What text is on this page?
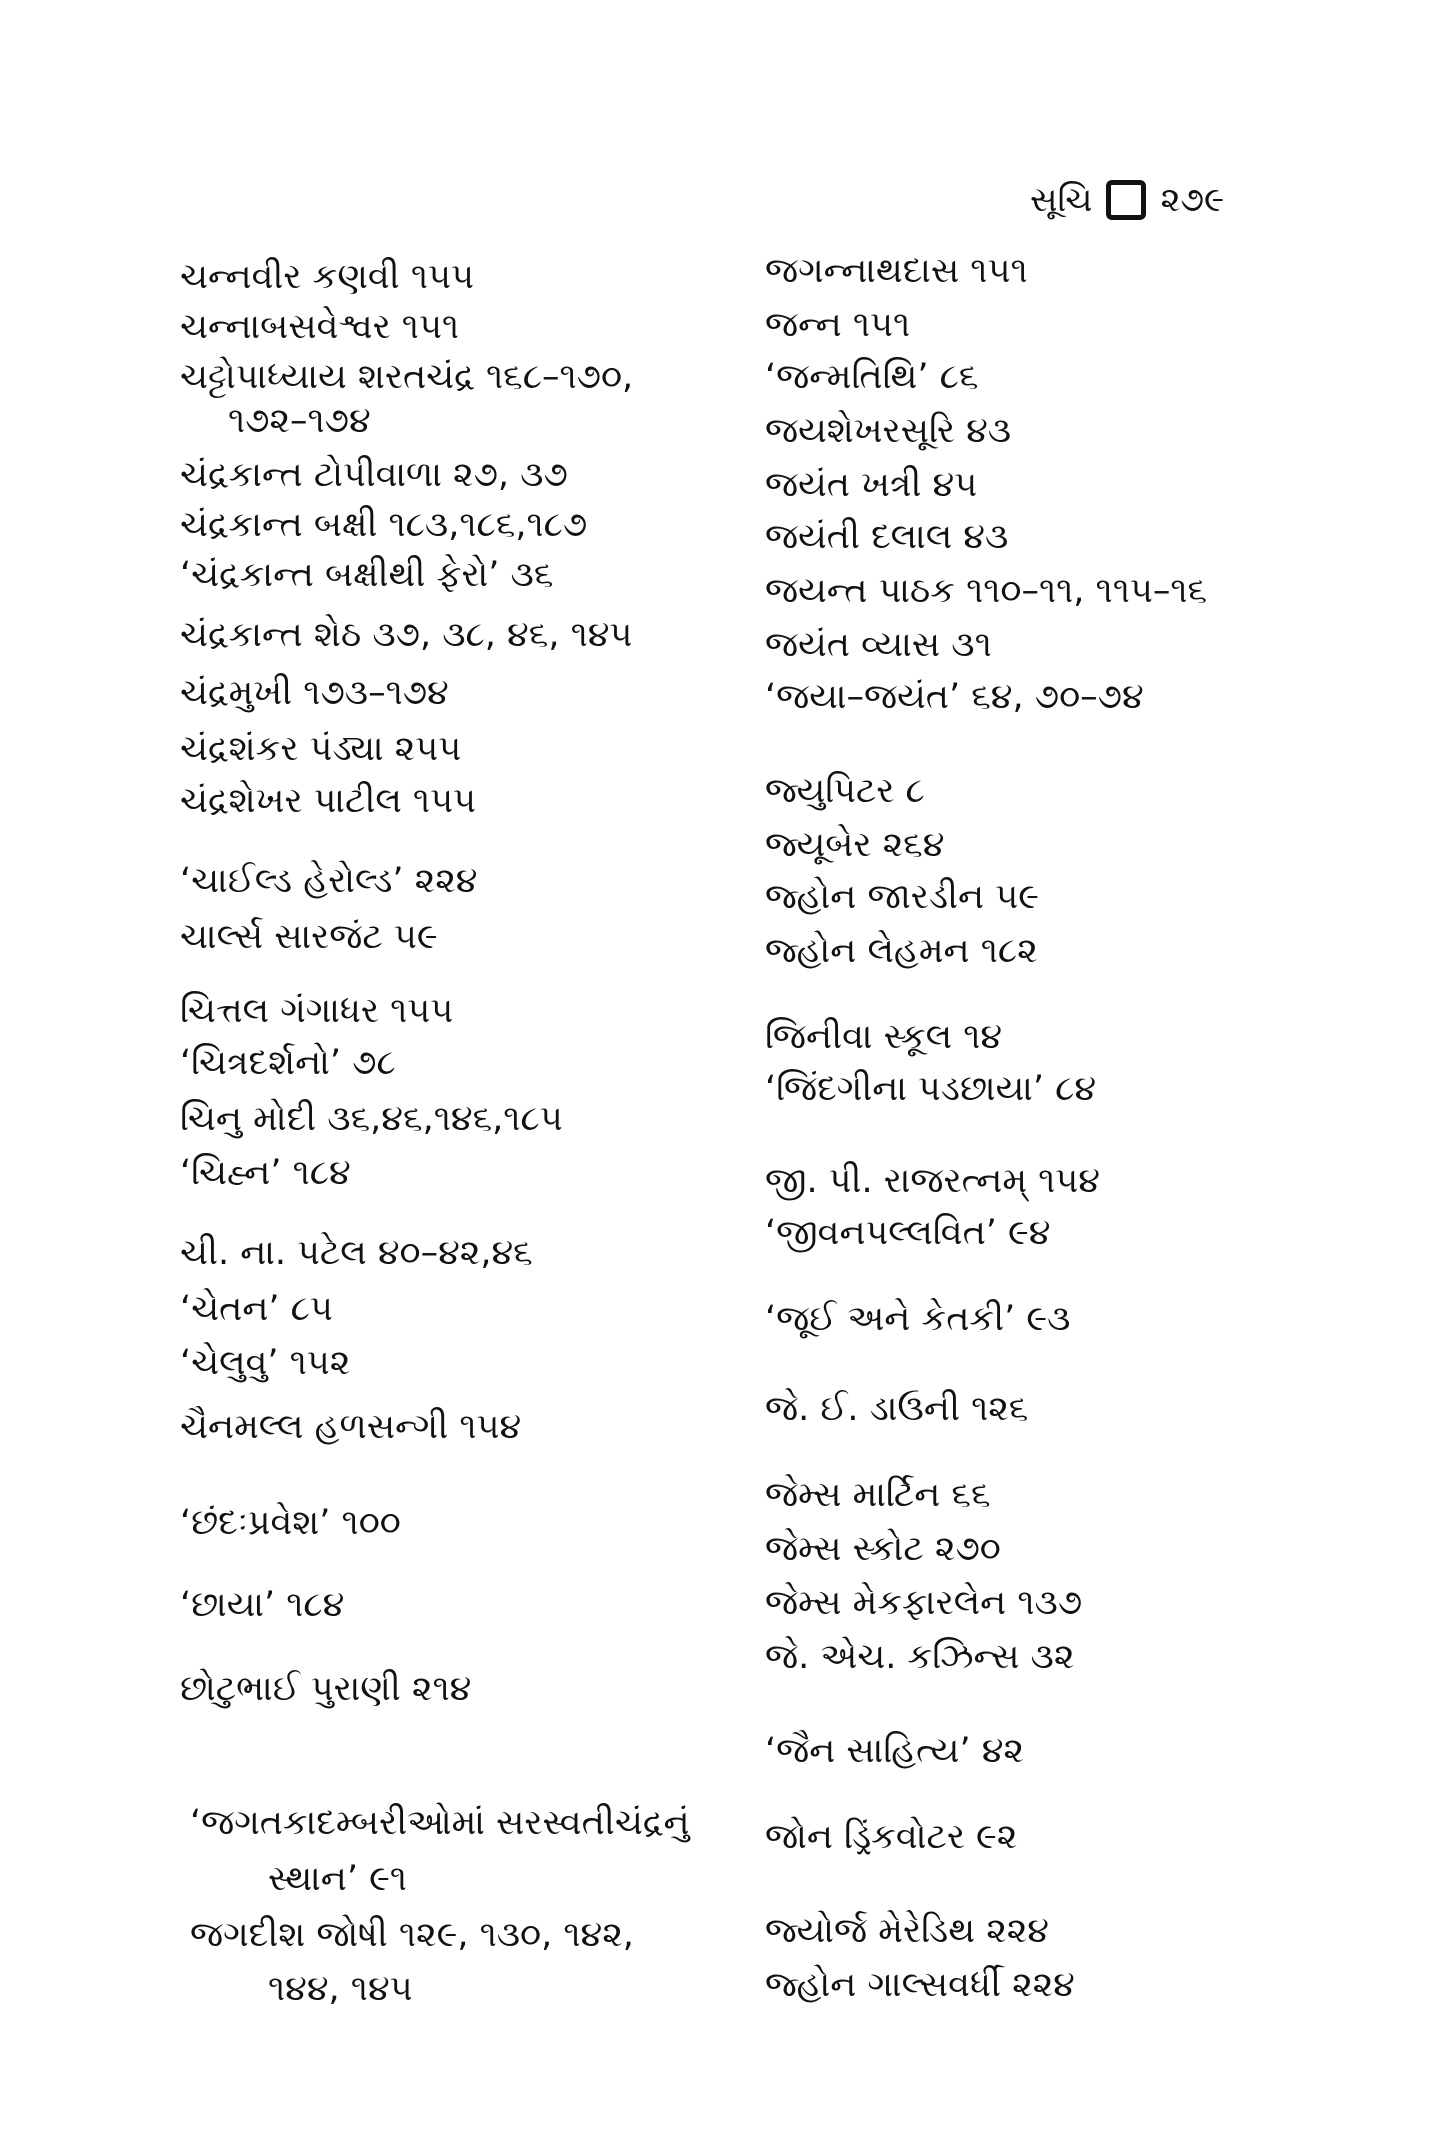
સૂચિ ૨૭૯
ચન્નવીર કણવી ૧૫૫
ચન્નાબસવેશ્વર ૧૫૧
ચટ્ટોપાધ્યાય શરતચંદ્ર ૧૬૮–૧૭૦,
૧૭૨–૧૭૪
ચંદ્રકાન્ત ટોપીવાળા ૨૭, ૩૭
ચંદ્રકાન્ત બક્ષી ૧૮૩,૧૮૬,૧૮૭
‘ચંદ્રકાન્ત બક્ષીથી ફેરો’ ૩૬
ચંદ્રકાન્ત શેઠ ૩૭, ૩૮, ૪૬, ૧૪૫
ચંદ્રમુખી ૧૭૩–૧૭૪
ચંદ્રશંકર પંડ્યા ૨૫૫
ચંદ્રશેખર પાટીલ ૧૫૫
‘ચાઈલ્ડ હેરોલ્ડ’ ૨૨૪
ચાર્લ્સ સારજંટ ૫૯
ચિત્તલ ગંગાધર ૧૫૫
‘ચિત્રદર્શનો’ ૭૮
ચિનુ મોદી ૩૬,૪૬,૧૪૬,૧૮૫
‘ચિહ્ન’ ૧૮૪
ચી. ના. પટેલ ૪૦–૪૨,૪૬
‘ચેતન’ ૮૫
‘ચેલુવુ’ ૧૫૨
ચૈનમલ્લ હળસન્ગી ૧૫૪
‘છંદઃપ્રવેશ’ ૧૦૦
‘છાયા’ ૧૮૪
છોટુભાઈ પુરાણી ૨૧૪
‘જગતકાદમ્બરીઓમાં સરસ્વતીચંદ્રનું
સ્થાન’ ૯૧
જગદીશ જોષી ૧૨૯, ૧૩૦, ૧૪૨,
૧૪૪, ૧૪૫
જગન્નાથદાસ ૧૫૧
જન્ન ૧૫૧
‘જન્મતિથિ’ ૮૬
જયશેખરસૂરિ ૪૩
જયંત ખત્રી ૪૫
જયંતી દલાલ ૪૩
જયન્ત પાઠક ૧૧૦–૧૧, ૧૧૫–૧૬
જયંત વ્યાસ ૩૧
‘જયા–જયંત’ ૬૪, ૭૦–૭૪
જ્યુપિટર ૮
જ્યૂબેર ૨૬૪
જ્હોન જારડીન ૫૯
જ્હોન લેહમન ૧૮૨
જિનીવા સ્કૂલ ૧૪
‘જિંદગીના પડછાયા’ ૮૪
જી. પી. રાજરત્નમ્ ૧૫૪
‘જીવનપલ્લવિત’ ૯૪
‘જૂઈ અને કેતકી’ ૯૩
જે. ઈ. ડાઉની ૧૨૬
જેમ્સ માર્ટિન ૬૬
જેમ્સ સ્કોટ ૨૭૦
જેમ્સ મેકફારલેન ૧૩૭
જે. એચ. કઝિન્સ ૩૨
‘જૈન સાહિત્ય’ ૪૨
જોન ડ્રિંકવોટર ૯૨
જ્યોર્જ મેરેડિથ ૨૨૪
જ્હોન ગાલ્સવર્ધી ૨૨૪
